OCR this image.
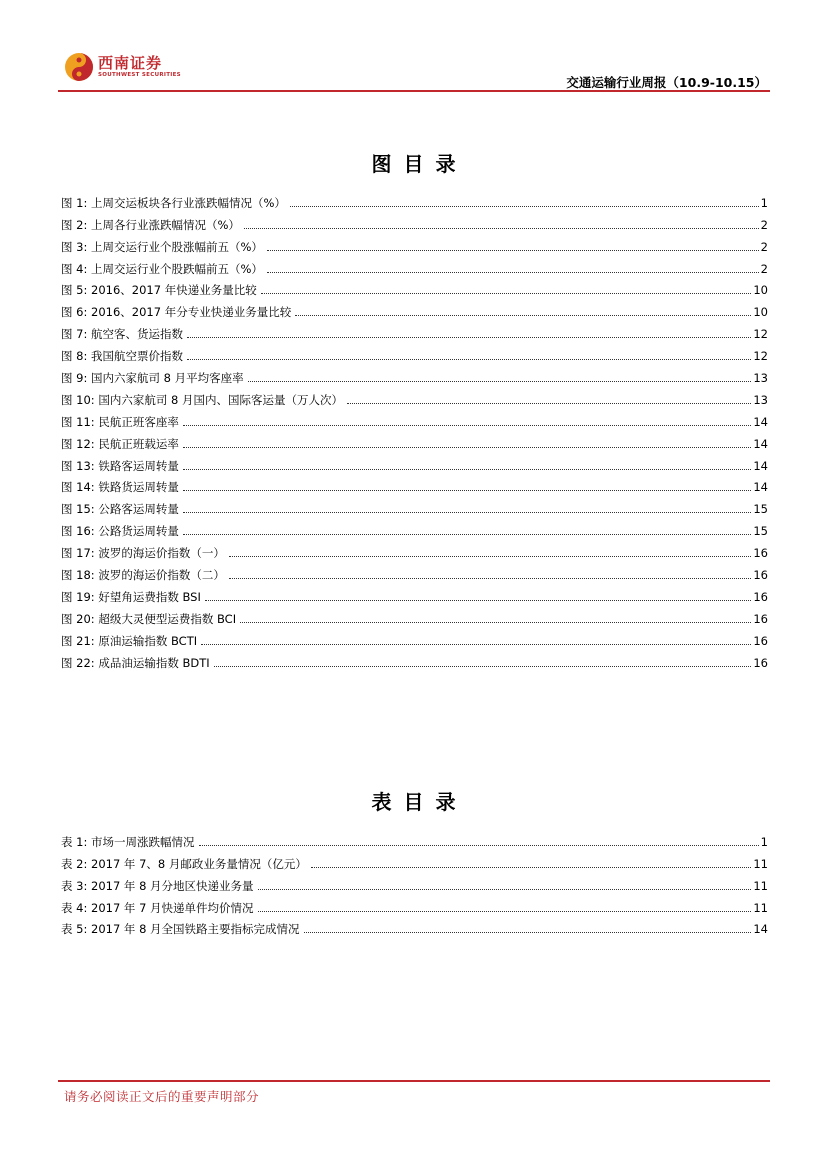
西南证券
SOUTHWEST SECURITIES	交通运输行业周报（10.9-10.15）
图目录
图 1: 上周交运板块各行业涨跌幅情况（%）	1
图 2: 上周各行业涨跌幅情况（%）	2
图 3: 上周交运行业个股涨幅前五（%）	2
图 4: 上周交运行业个股跌幅前五（%）	2
图 5: 2016、2017 年快递业务量比较	10
图 6: 2016、2017 年分专业快递业务量比较	10
图 7: 航空客、货运指数	12
图 8: 我国航空票价指数	12
图 9: 国内六家航司 8 月平均客座率	13
图 10: 国内六家航司 8 月国内、国际客运量（万人次）	13
图 11: 民航正班客座率	14
图 12: 民航正班载运率	14
图 13: 铁路客运周转量	14
图 14: 铁路货运周转量	14
图 15: 公路客运周转量	15
图 16: 公路货运周转量	15
图 17: 波罗的海运价指数（一）	16
图 18: 波罗的海运价指数（二）	16
图 19: 好望角运费指数 BSI	16
图 20: 超级大灵便型运费指数 BCI	16
图 21: 原油运输指数 BCTI	16
图 22: 成品油运输指数 BDTI	16
表目录
表 1: 市场一周涨跌幅情况	1
表 2: 2017 年 7、8 月邮政业务量情况（亿元）	11
表 3: 2017 年 8 月分地区快递业务量	11
表 4: 2017 年 7 月快递单件均价情况	11
表 5: 2017 年 8 月全国铁路主要指标完成情况	14
请务必阅读正文后的重要声明部分
